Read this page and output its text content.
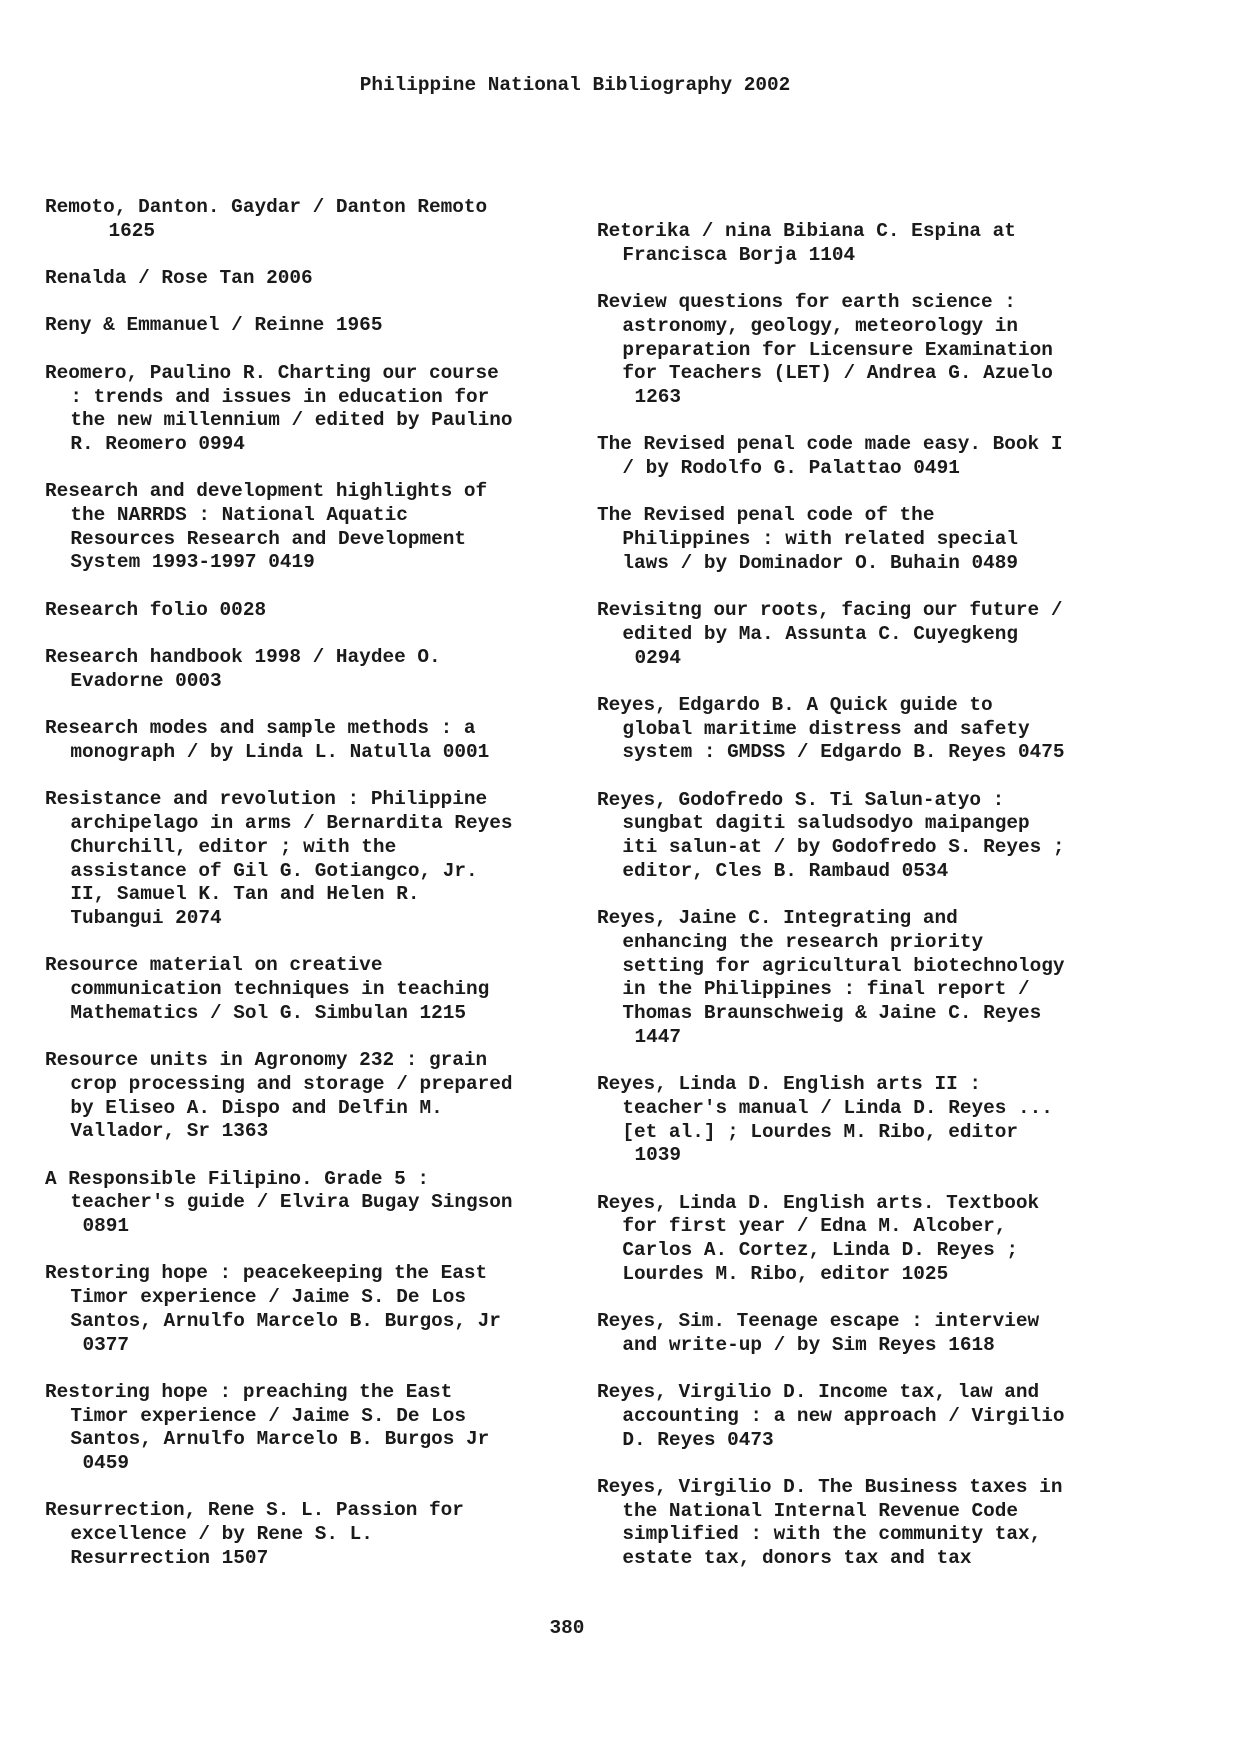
Philippine National Bibliography 2002
Remoto, Danton. Gaydar / Danton Remoto
1625
Renalda / Rose Tan 2006
Reny & Emmanuel / Reinne 1965
Reomero, Paulino R. Charting our course
: trends and issues in education for
the new millennium / edited by Paulino
R. Reomero 0994
Research and development highlights of
the NARRDS : National Aquatic
Resources Research and Development
System 1993-1997 0419
Research folio 0028
Research handbook 1998 / Haydee O.
Evadorne 0003
Research modes and sample methods : a
monograph / by Linda L. Natulla 0001
Resistance and revolution : Philippine
archipelago in arms / Bernardita Reyes
Churchill, editor ; with the
assistance of Gil G. Gotiangco, Jr.
II, Samuel K. Tan and Helen R.
Tubangui 2074
Resource material on creative
communication techniques in teaching
Mathematics / Sol G. Simbulan 1215
Resource units in Agronomy 232 : grain
crop processing and storage / prepared
by Eliseo A. Dispo and Delfin M.
Vallador, Sr 1363
A Responsible Filipino. Grade 5 :
teacher's guide / Elvira Bugay Singson
0891
Restoring hope : peacekeeping the East
Timor experience / Jaime S. De Los
Santos, Arnulfo Marcelo B. Burgos, Jr
0377
Restoring hope : preaching the East
Timor experience / Jaime S. De Los
Santos, Arnulfo Marcelo B. Burgos Jr
0459
Resurrection, Rene S. L. Passion for
excellence / by Rene S. L.
Resurrection 1507
Retorika / nina Bibiana C. Espina at
Francisca Borja 1104
Review questions for earth science :
astronomy, geology, meteorology in
preparation for Licensure Examination
for Teachers (LET) / Andrea G. Azuelo
1263
The Revised penal code made easy. Book I
/ by Rodolfo G. Palattao 0491
The Revised penal code of the
Philippines : with related special
laws / by Dominador O. Buhain 0489
Revisitng our roots, facing our future /
edited by Ma. Assunta C. Cuyegkeng
0294
Reyes, Edgardo B. A Quick guide to
global maritime distress and safety
system : GMDSS / Edgardo B. Reyes 0475
Reyes, Godofredo S. Ti Salun-atyo :
sungbat dagiti saludsodyo maipangep
iti salun-at / by Godofredo S. Reyes ;
editor, Cles B. Rambaud 0534
Reyes, Jaine C. Integrating and
enhancing the research priority
setting for agricultural biotechnology
in the Philippines : final report /
Thomas Braunschweig & Jaine C. Reyes
1447
Reyes, Linda D. English arts II :
teacher's manual / Linda D. Reyes ...
[et al.] ; Lourdes M. Ribo, editor
1039
Reyes, Linda D. English arts. Textbook
for first year / Edna M. Alcober,
Carlos A. Cortez, Linda D. Reyes ;
Lourdes M. Ribo, editor 1025
Reyes, Sim. Teenage escape : interview
and write-up / by Sim Reyes 1618
Reyes, Virgilio D. Income tax, law and
accounting : a new approach / Virgilio
D. Reyes 0473
Reyes, Virgilio D. The Business taxes in
the National Internal Revenue Code
simplified : with the community tax,
estate tax, donors tax and tax
380
